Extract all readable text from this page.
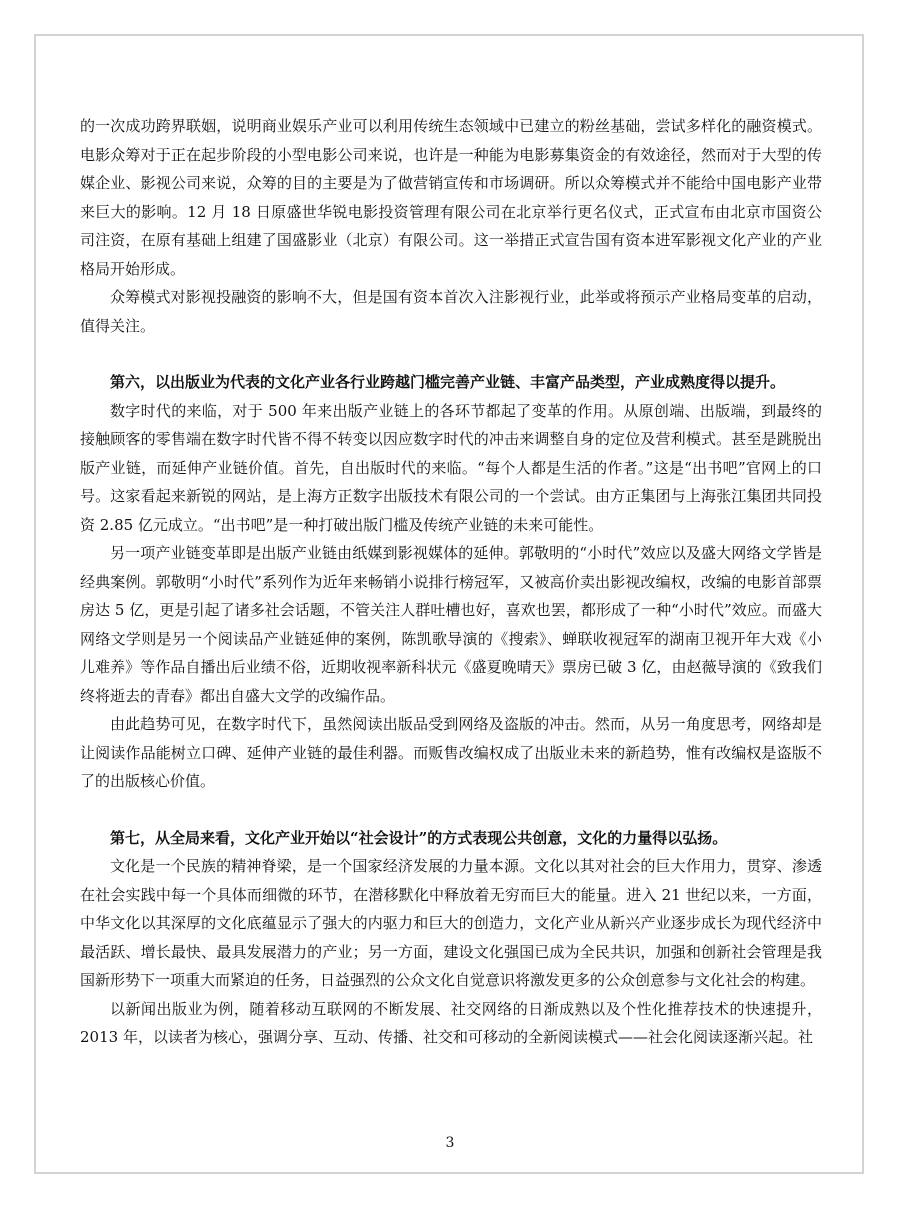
的一次成功跨界联姻，说明商业娱乐产业可以利用传统生态领域中已建立的粉丝基础，尝试多样化的融资模式。电影众筹对于正在起步阶段的小型电影公司来说，也许是一种能为电影募集资金的有效途径，然而对于大型的传媒企业、影视公司来说，众筹的目的主要是为了做营销宣传和市场调研。所以众筹模式并不能给中国电影产业带来巨大的影响。12 月 18 日原盛世华锐电影投资管理有限公司在北京举行更名仪式，正式宣布由北京市国资公司注资，在原有基础上组建了国盛影业（北京）有限公司。这一举措正式宣告国有资本进军影视文化产业的产业格局开始形成。

众筹模式对影视投融资的影响不大，但是国有资本首次入注影视行业，此举或将预示产业格局变革的启动，值得关注。

第六，以出版业为代表的文化产业各行业跨越门槛完善产业链、丰富产品类型，产业成熟度得以提升。

数字时代的来临，对于 500 年来出版产业链上的各环节都起了变革的作用。从原创端、出版端，到最终的接触顾客的零售端在数字时代皆不得不转变以因应数字时代的冲击来调整自身的定位及营利模式。甚至是跳脱出版产业链，而延伸产业链价值。首先，自出版时代的来临。“每个人都是生活的作者。”这是“出书吧”官网上的口号。这家看起来新锐的网站，是上海方正数字出版技术有限公司的一个尝试。由方正集团与上海张江集团共同投资 2.85 亿元成立。“出书吧”是一种打破出版门槛及传统产业链的未来可能性。

另一项产业链变革即是出版产业链由纸媒到影视媒体的延伸。郭敬明的“小时代”效应以及盛大网络文学皆是经典案例。郭敬明“小时代”系列作为近年来畅销小说排行榜冠军，又被高价卖出影视改编权，改编的电影首部票房达 5 亿，更是引起了诸多社会话题，不管关注人群吐槽也好，喜欢也罢，都形成了一种“小时代”效应。而盛大网络文学则是另一个阅读品产业链延伸的案例，陈凯歌导演的《搜索》、蝉联收视冠军的湖南卫视开年大戏《小儿难养》等作品自播出后业绩不俗，近期收视率新科状元《盛夏晚晴天》票房已破 3 亿，由赵薇导演的《致我们终将逝去的青春》都出自盛大文学的改编作品。

由此趋势可见，在数字时代下，虽然阅读出版品受到网络及盗版的冲击。然而，从另一角度思考，网络却是让阅读作品能树立口碑、延伸产业链的最佳利器。而贩售改编权成了出版业未来的新趋势，惟有改编权是盗版不了的出版核心价值。

第七，从全局来看，文化产业开始以“社会设计”的方式表现公共创意，文化的力量得以弘扬。

文化是一个民族的精神脊梁，是一个国家经济发展的力量本源。文化以其对社会的巨大作用力，贯穿、渗透在社会实践中每一个具体而细微的环节，在潜移默化中释放着无穷而巨大的能量。进入 21 世纪以来，一方面，中华文化以其深厚的文化底蕴显示了强大的内驱力和巨大的创造力，文化产业从新兴产业逐步成长为现代经济中最活跃、增长最快、最具发展潜力的产业；另一方面，建设文化强国已成为全民共识，加强和创新社会管理是我国新形势下一项重大而紧迫的任务，日益强烈的公众文化自觉意识将激发更多的公众创意参与文化社会的构建。

以新闻出版业为例，随着移动互联网的不断发展、社交网络的日渐成熟以及个性化推荐技术的快速提升，2013 年，以读者为核心，强调分享、互动、传播、社交和可移动的全新阅读模式——社会化阅读逐渐兴起。社

3
